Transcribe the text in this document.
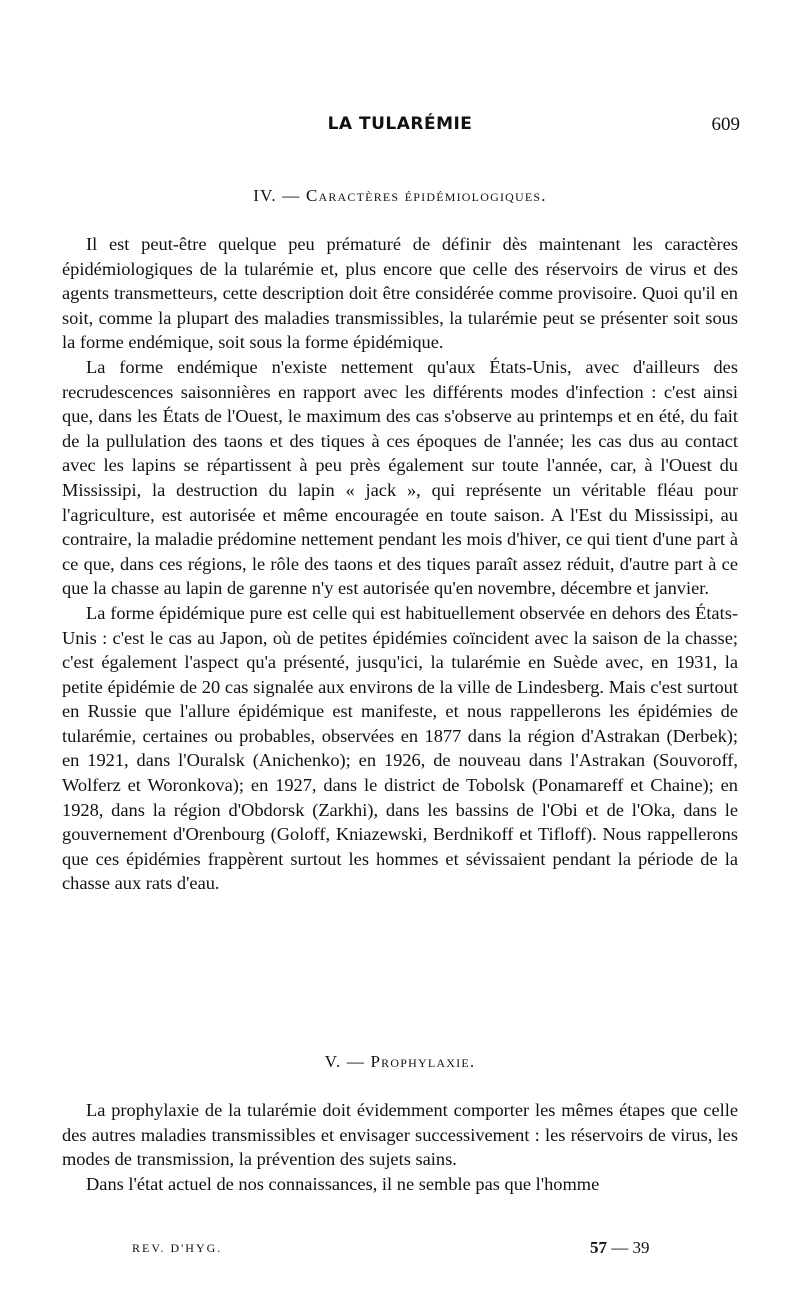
LA TULARÉMIE	609
IV. — Caractères épidémiologiques.

Il est peut-être quelque peu prématuré de définir dès maintenant les caractères épidémiologiques de la tularémie et, plus encore que celle des réservoirs de virus et des agents transmetteurs, cette description doit être considérée comme provisoire. Quoi qu'il en soit, comme la plupart des maladies transmissibles, la tularémie peut se présenter soit sous la forme endémique, soit sous la forme épidémique.

La forme endémique n'existe nettement qu'aux États-Unis, avec d'ailleurs des recrudescences saisonnières en rapport avec les différents modes d'infection : c'est ainsi que, dans les États de l'Ouest, le maximum des cas s'observe au printemps et en été, du fait de la pullulation des taons et des tiques à ces époques de l'année; les cas dus au contact avec les lapins se répartissent à peu près également sur toute l'année, car, à l'Ouest du Mississipi, la destruction du lapin « jack », qui représente un véritable fléau pour l'agriculture, est autorisée et même encouragée en toute saison. A l'Est du Mississipi, au contraire, la maladie prédomine nettement pendant les mois d'hiver, ce qui tient d'une part à ce que, dans ces régions, le rôle des taons et des tiques paraît assez réduit, d'autre part à ce que la chasse au lapin de garenne n'y est autorisée qu'en novembre, décembre et janvier.

La forme épidémique pure est celle qui est habituellement observée en dehors des États-Unis : c'est le cas au Japon, où de petites épidémies coïncident avec la saison de la chasse; c'est également l'aspect qu'a présenté, jusqu'ici, la tularémie en Suède avec, en 1931, la petite épidémie de 20 cas signalée aux environs de la ville de Lindesberg. Mais c'est surtout en Russie que l'allure épidémique est manifeste, et nous rappellerons les épidémies de tularémie, certaines ou probables, observées en 1877 dans la région d'Astrakan (Derbek); en 1921, dans l'Ouralsk (Anichenko); en 1926, de nouveau dans l'Astrakan (Souvoroff, Wolferz et Woronkova); en 1927, dans le district de Tobolsk (Ponamareff et Chaine); en 1928, dans la région d'Obdorsk (Zarkhi), dans les bassins de l'Obi et de l'Oka, dans le gouvernement d'Orenbourg (Goloff, Kniazewski, Berdnikoff et Tifloff). Nous rappellerons que ces épidémies frappèrent surtout les hommes et sévissaient pendant la période de la chasse aux rats d'eau.

V. — Prophylaxie.

La prophylaxie de la tularémie doit évidemment comporter les mêmes étapes que celle des autres maladies transmissibles et envisager successivement : les réservoirs de virus, les modes de transmission, la prévention des sujets sains.

Dans l'état actuel de nos connaissances, il ne semble pas que l'homme

REV. D'HYG.	57 — 39
